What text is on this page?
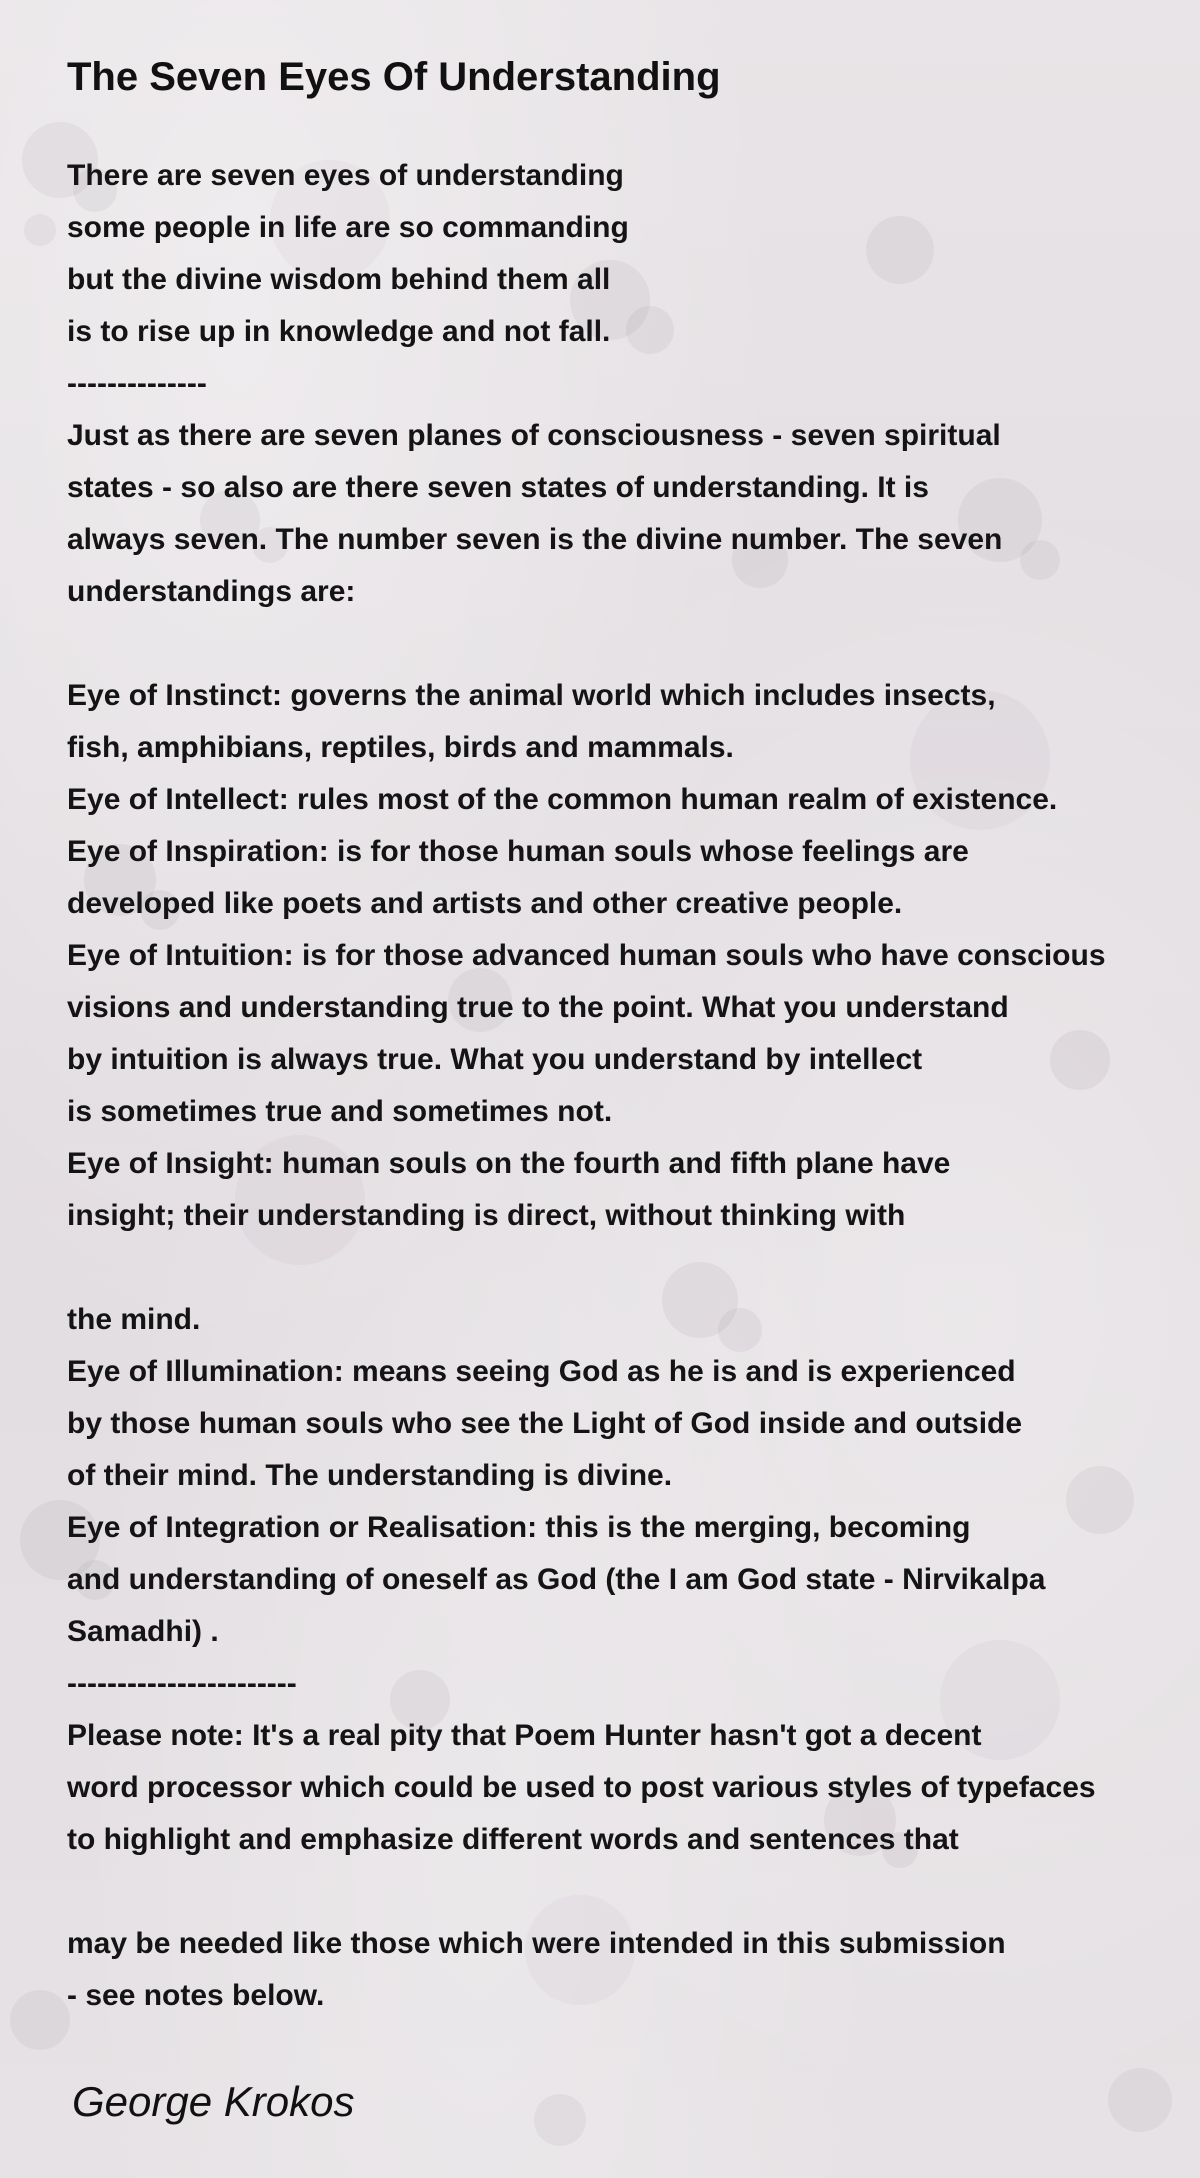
The Seven Eyes Of Understanding
There are seven eyes of understanding
some people in life are so commanding
but the divine wisdom behind them all
is to rise up in knowledge and not fall.
--------------
Just as there are seven planes of consciousness - seven spiritual
states - so also are there seven states of understanding. It is
always seven. The number seven is the divine number. The seven
understandings are:
Eye of Instinct: governs the animal world which includes insects,
fish, amphibians, reptiles, birds and mammals.
Eye of Intellect: rules most of the common human realm of existence.
Eye of Inspiration: is for those human souls whose feelings are
developed like poets and artists and other creative people.
Eye of Intuition: is for those advanced human souls who have conscious
visions and understanding true to the point. What you understand
by intuition is always true. What you understand by intellect
is sometimes true and sometimes not.
Eye of Insight: human souls on the fourth and fifth plane have
insight; their understanding is direct, without thinking with
the mind.
Eye of Illumination: means seeing God as he is and is experienced
by those human souls who see the Light of God inside and outside
of their mind. The understanding is divine.
Eye of Integration or Realisation: this is the merging, becoming
and understanding of oneself as God (the I am God state - Nirvikalpa
Samadhi) .
-----------------------
Please note: It's a real pity that Poem Hunter hasn't got a decent
word processor which could be used to post various styles of typefaces
to highlight and emphasize different words and sentences that
may be needed like those which were intended in this submission
- see notes below.
George Krokos
